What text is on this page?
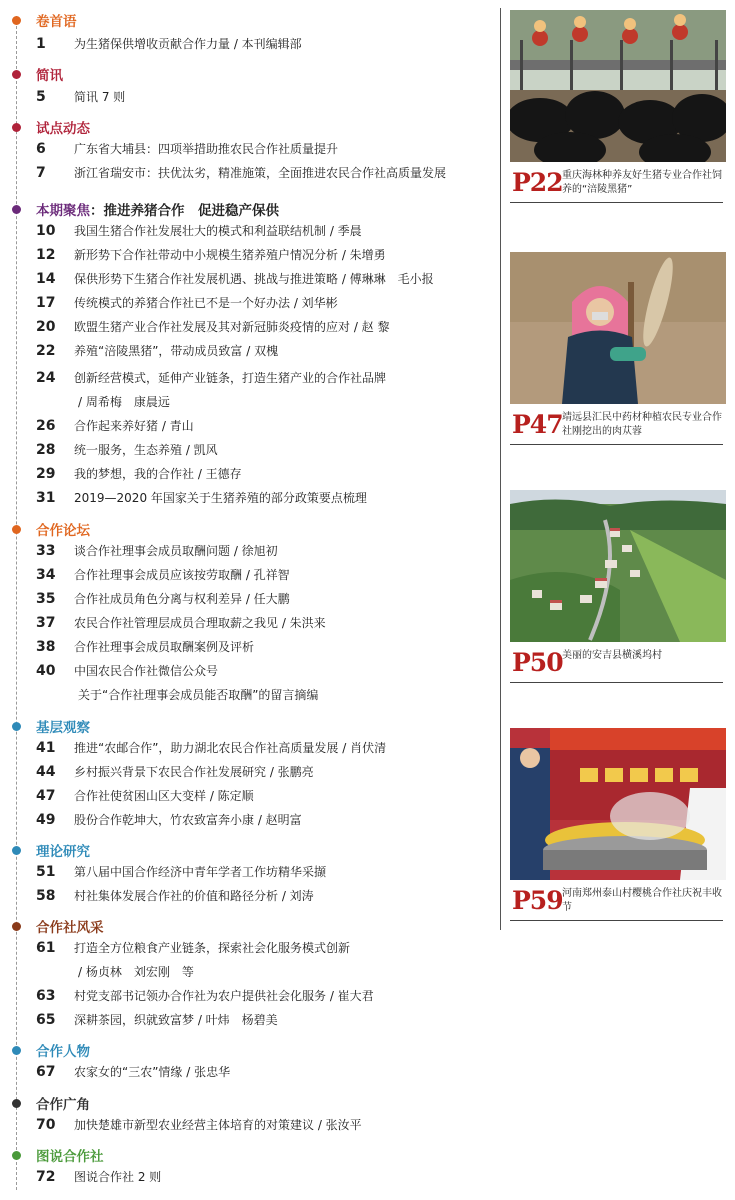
卷首语
1 为生猪保供增收贡献合作力量 / 本刊编辑部
简讯
5 简讯 7 则
试点动态
6 广东省大埔县：四项举措助推农民合作社质量提升
7 浙江省瑞安市：扶优汰劣，精准施策，全面推进农民合作社高质量发展
本期聚焦：推进养猪合作　促进稳产保供
10 我国生猪合作社发展壮大的模式和利益联结机制 / 季晨
12 新形势下合作社带动中小规模生猪养殖户情况分析 / 朱增勇
14 保供形势下生猪合作社发展机遇、挑战与推进策略 / 傅琳琳　毛小报
17 传统模式的养猪合作社已不是一个好办法 / 刘华彬
20 欧盟生猪产业合作社发展及其对新冠肺炎疫情的应对 / 赵 黎
22 养殖“涪陵黑猪”，带动成员致富 / 双槐
24 创新经营模式，延伸产业链条，打造生猪产业的合作社品牌
/ 周希梅　康晨远
26 合作起来养好猪 / 青山
28 统一服务，生态养殖 / 凯风
29 我的梦想，我的合作社 / 王德存
31 2019—2020 年国家关于生猪养殖的部分政策要点梳理
合作论坛
33 谈合作社理事会成员取酬问题 / 徐旭初
34 合作社理事会成员应该按劳取酬 / 孔祥智
35 合作社成员角色分离与权利差异 / 任大鹏
37 农民合作社管理层成员合理取薪之我见 / 朱洪来
38 合作社理事会成员取酬案例及评析
40 中国农民合作社微信公众号
关于“合作社理事会成员能否取酬”的留言摘编
基层观察
41 推进“农邮合作”，助力湖北农民合作社高质量发展 / 肖伏清
44 乡村振兴背景下农民合作社发展研究 / 张鹏亮
47 合作社使贫困山区大变样 / 陈定顺
49 股份合作乾坤大，竹农致富奔小康 / 赵明富
理论研究
51 第八届中国合作经济中青年学者工作坊精华采撷
58 村社集体发展合作社的价值和路径分析 / 刘涛
合作社风采
61 打造全方位粮食产业链条，探索社会化服务模式创新
/ 杨贞林　刘宏刚　等
63 村党支部书记领办合作社为农户提供社会化服务 / 崔大君
65 深耕茶园，织就致富梦 / 叶炜　杨碧美
合作人物
67 农家女的“三农”情缘 / 张忠华
合作广角
70 加快楚雄市新型农业经营主体培育的对策建议 / 张汝平
图说合作社
72 图说合作社 2 则
P22 重庆海林种养友好生猪专业合作社饲养的“涪陵黑猪”
P47 靖远县汇民中药材种植农民专业合作社刚挖出的肉苁蓉
P50 美丽的安吉县横溪坞村
P59 河南郑州泰山村樱桃合作社庆祝丰收节
